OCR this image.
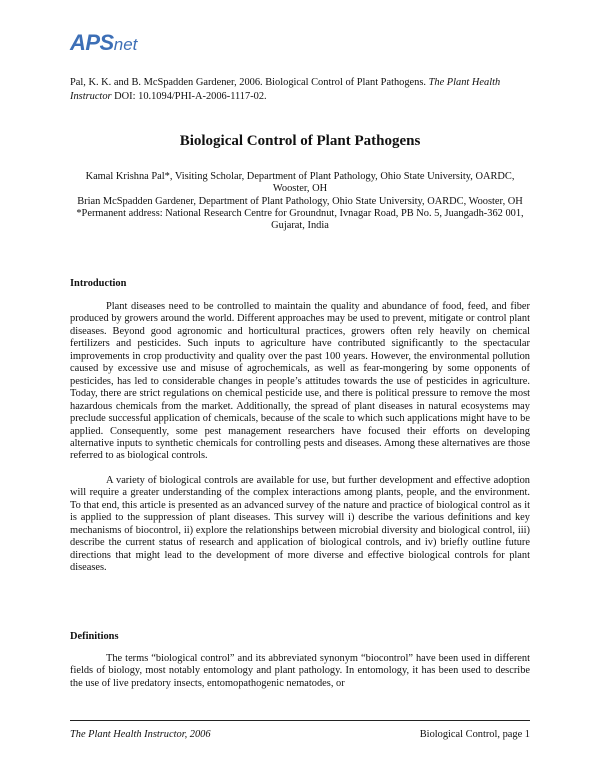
APSnet
Pal, K. K. and B. McSpadden Gardener, 2006. Biological Control of Plant Pathogens. The Plant Health Instructor DOI: 10.1094/PHI-A-2006-1117-02.
Biological Control of Plant Pathogens
Kamal Krishna Pal*, Visiting Scholar, Department of Plant Pathology, Ohio State University, OARDC, Wooster, OH
Brian McSpadden Gardener, Department of Plant Pathology, Ohio State University, OARDC, Wooster, OH
*Permanent address: National Research Centre for Groundnut, Ivnagar Road, PB No. 5, Juangadh-362 001, Gujarat, India
Introduction

Plant diseases need to be controlled to maintain the quality and abundance of food, feed, and fiber produced by growers around the world. Different approaches may be used to prevent, mitigate or control plant diseases. Beyond good agronomic and horticultural practices, growers often rely heavily on chemical fertilizers and pesticides. Such inputs to agriculture have contributed significantly to the spectacular improvements in crop productivity and quality over the past 100 years. However, the environmental pollution caused by excessive use and misuse of agrochemicals, as well as fear-mongering by some opponents of pesticides, has led to considerable changes in people’s attitudes towards the use of pesticides in agriculture. Today, there are strict regulations on chemical pesticide use, and there is political pressure to remove the most hazardous chemicals from the market. Additionally, the spread of plant diseases in natural ecosystems may preclude successful application of chemicals, because of the scale to which such applications might have to be applied. Consequently, some pest management researchers have focused their efforts on developing alternative inputs to synthetic chemicals for controlling pests and diseases. Among these alternatives are those referred to as biological controls.

A variety of biological controls are available for use, but further development and effective adoption will require a greater understanding of the complex interactions among plants, people, and the environment. To that end, this article is presented as an advanced survey of the nature and practice of biological control as it is applied to the suppression of plant diseases. This survey will i) describe the various definitions and key mechanisms of biocontrol, ii) explore the relationships between microbial diversity and biological control, iii) describe the current status of research and application of biological controls, and iv) briefly outline future directions that might lead to the development of more diverse and effective biological controls for plant diseases.

Definitions

The terms “biological control” and its abbreviated synonym “biocontrol” have been used in different fields of biology, most notably entomology and plant pathology. In entomology, it has been used to describe the use of live predatory insects, entomopathogenic nematodes, or

The Plant Health Instructor, 2006	Biological Control, page 1
